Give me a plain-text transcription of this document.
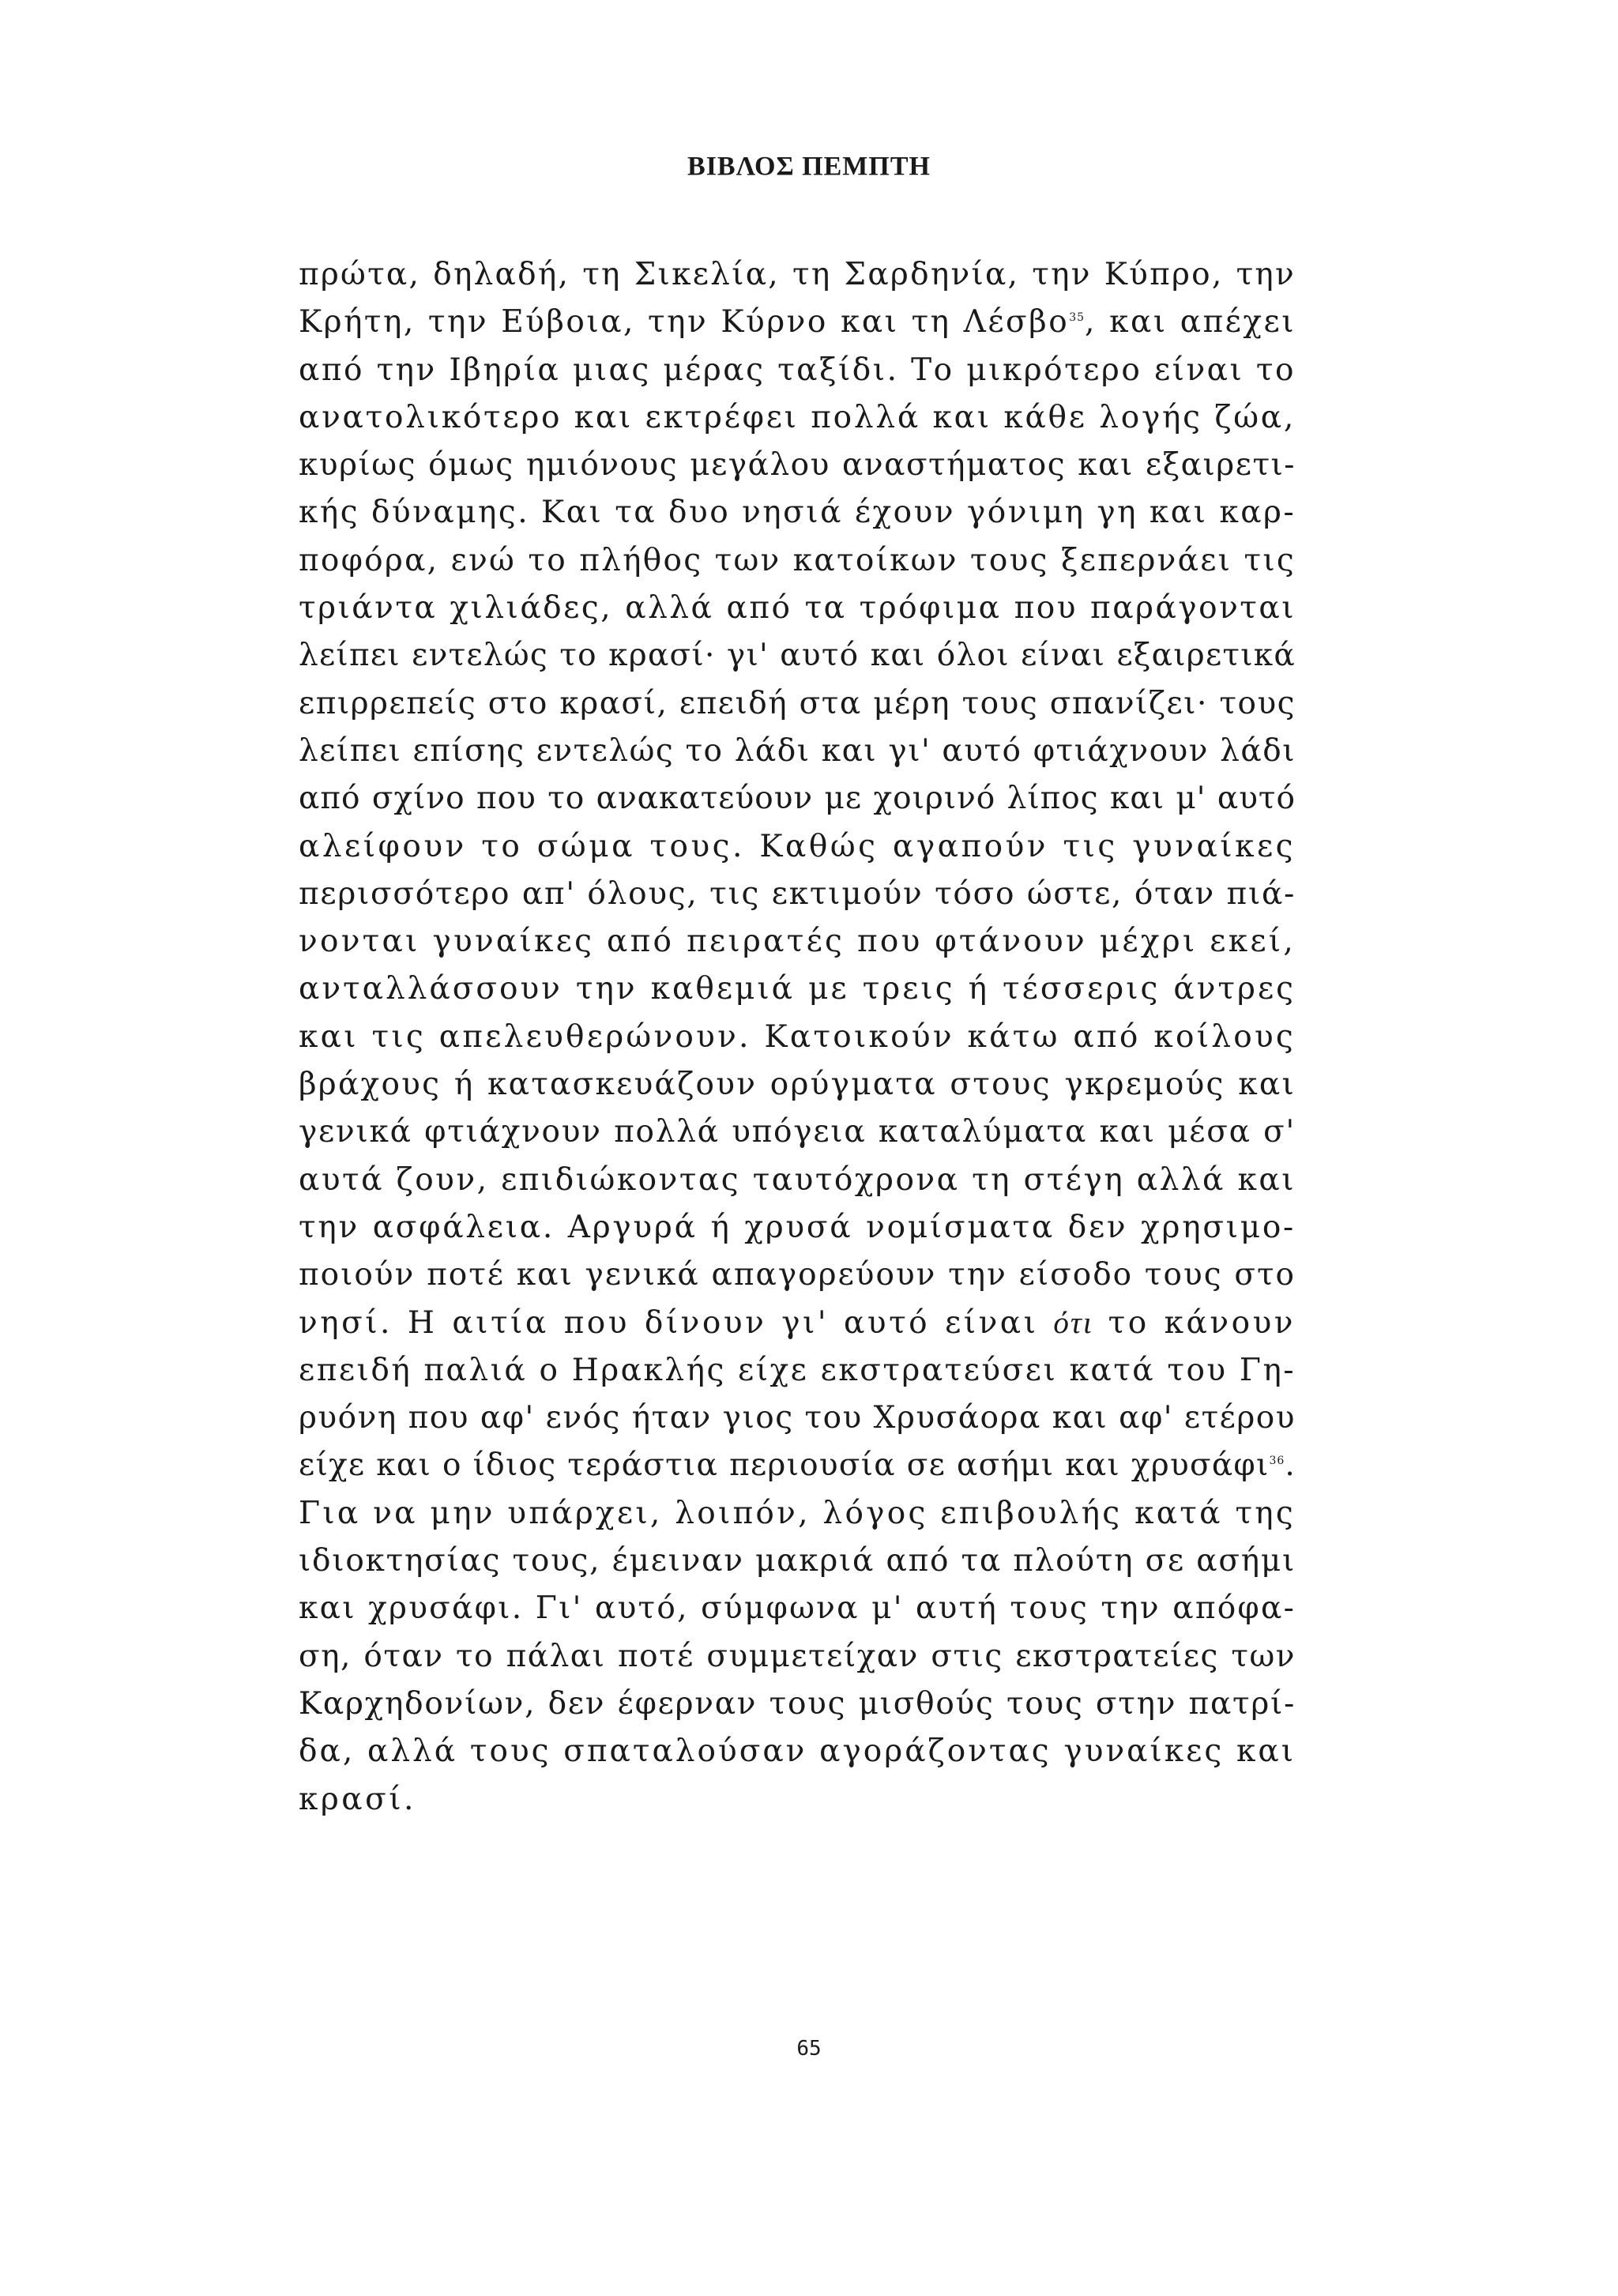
ΒΙΒΛΟΣ ΠΕΜΠΤΗ
πρώτα, δηλαδή, τη Σικελία, τη Σαρδηνία, την Κύπρο, την
Κρήτη, την Εύβοια, την Κύρνο και τη Λέσβο$^{35}$, και απέχει
από την Ιβηρία μιας μέρας ταξίδι. Το μικρότερο είναι το
ανατολικότερο και εκτρέφει πολλά και κάθε λογής ζώα,
κυρίως όμως ημιόνους μεγάλου αναστήματος και εξαιρετι-
κής δύναμης. Και τα δυο νησιά έχουν γόνιμη γη και καρ-
ποφόρα, ενώ το πλήθος των κατοίκων τους ξεπερνάει τις
τριάντα χιλιάδες, αλλά από τα τρόφιμα που παράγονται
λείπει εντελώς το κρασί· γι' αυτό και όλοι είναι εξαιρετικά
επιρρεπείς στο κρασί, επειδή στα μέρη τους σπανίζει· τους
λείπει επίσης εντελώς το λάδι και γι' αυτό φτιάχνουν λάδι
από σχίνο που το ανακατεύουν με χοιρινό λίπος και μ' αυτό
αλείφουν το σώμα τους. Καθώς αγαπούν τις γυναίκες
περισσότερο απ' όλους, τις εκτιμούν τόσο ώστε, όταν πιά-
νονται γυναίκες από πειρατές που φτάνουν μέχρι εκεί,
ανταλλάσσουν την καθεμιά με τρεις ή τέσσερις άντρες
και τις απελευθερώνουν. Κατοικούν κάτω από κοίλους
βράχους ή κατασκευάζουν ορύγματα στους γκρεμούς και
γενικά φτιάχνουν πολλά υπόγεια καταλύματα και μέσα σ'
αυτά ζουν, επιδιώκοντας ταυτόχρονα τη στέγη αλλά και
την ασφάλεια. Αργυρά ή χρυσά νομίσματα δεν χρησιμο-
ποιούν ποτέ και γενικά απαγορεύουν την είσοδο τους στο
νησί. Η αιτία που δίνουν γι' αυτό είναι ότι το κάνουν
επειδή παλιά ο Ηρακλής είχε εκστρατεύσει κατά του Γη-
ρυόνη που αφ' ενός ήταν γιος του Χρυσάορα και αφ' ετέρου
είχε και ο ίδιος τεράστια περιουσία σε ασήμι και χρυσάφι$^{36}$.
Για να μην υπάρχει, λοιπόν, λόγος επιβουλής κατά της
ιδιοκτησίας τους, έμειναν μακριά από τα πλούτη σε ασήμι
και χρυσάφι. Γι' αυτό, σύμφωνα μ' αυτή τους την απόφα-
ση, όταν το πάλαι ποτέ συμμετείχαν στις εκστρατείες των
Καρχηδονίων, δεν έφερναν τους μισθούς τους στην πατρί-
δα, αλλά τους σπαταλούσαν αγοράζοντας γυναίκες και
κρασί.
65
